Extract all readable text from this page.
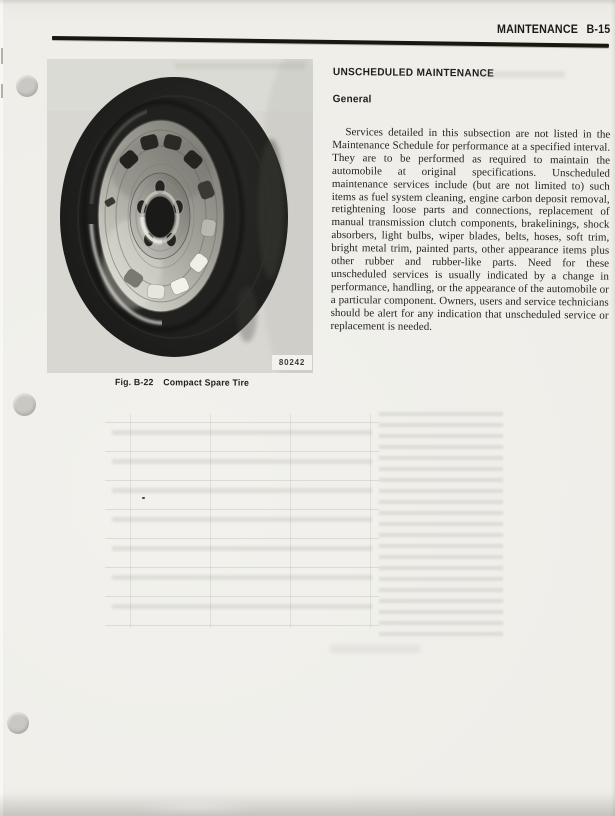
MAINTENANCE B-15
80242
Fig. B-22 Compact Spare Tire
UNSCHEDULED MAINTENANCE
General
Services detailed in this subsection are not listed in the Maintenance Schedule for performance at a specified interval. They are to be performed as required to maintain the automobile at original specifications. Unscheduled maintenance services include (but are not limited to) such items as fuel system cleaning, engine carbon deposit removal, retightening loose parts and connections, replacement of manual transmission clutch components, brakelinings, shock absorbers, light bulbs, wiper blades, belts, hoses, soft trim, bright metal trim, painted parts, other appearance items plus other rubber and rubber-like parts. Need for these unscheduled services is usually indicated by a change in performance, handling, or the appearance of the automobile or a particular component. Owners, users and service technicians should be alert for any indication that unscheduled service or replacement is needed.
